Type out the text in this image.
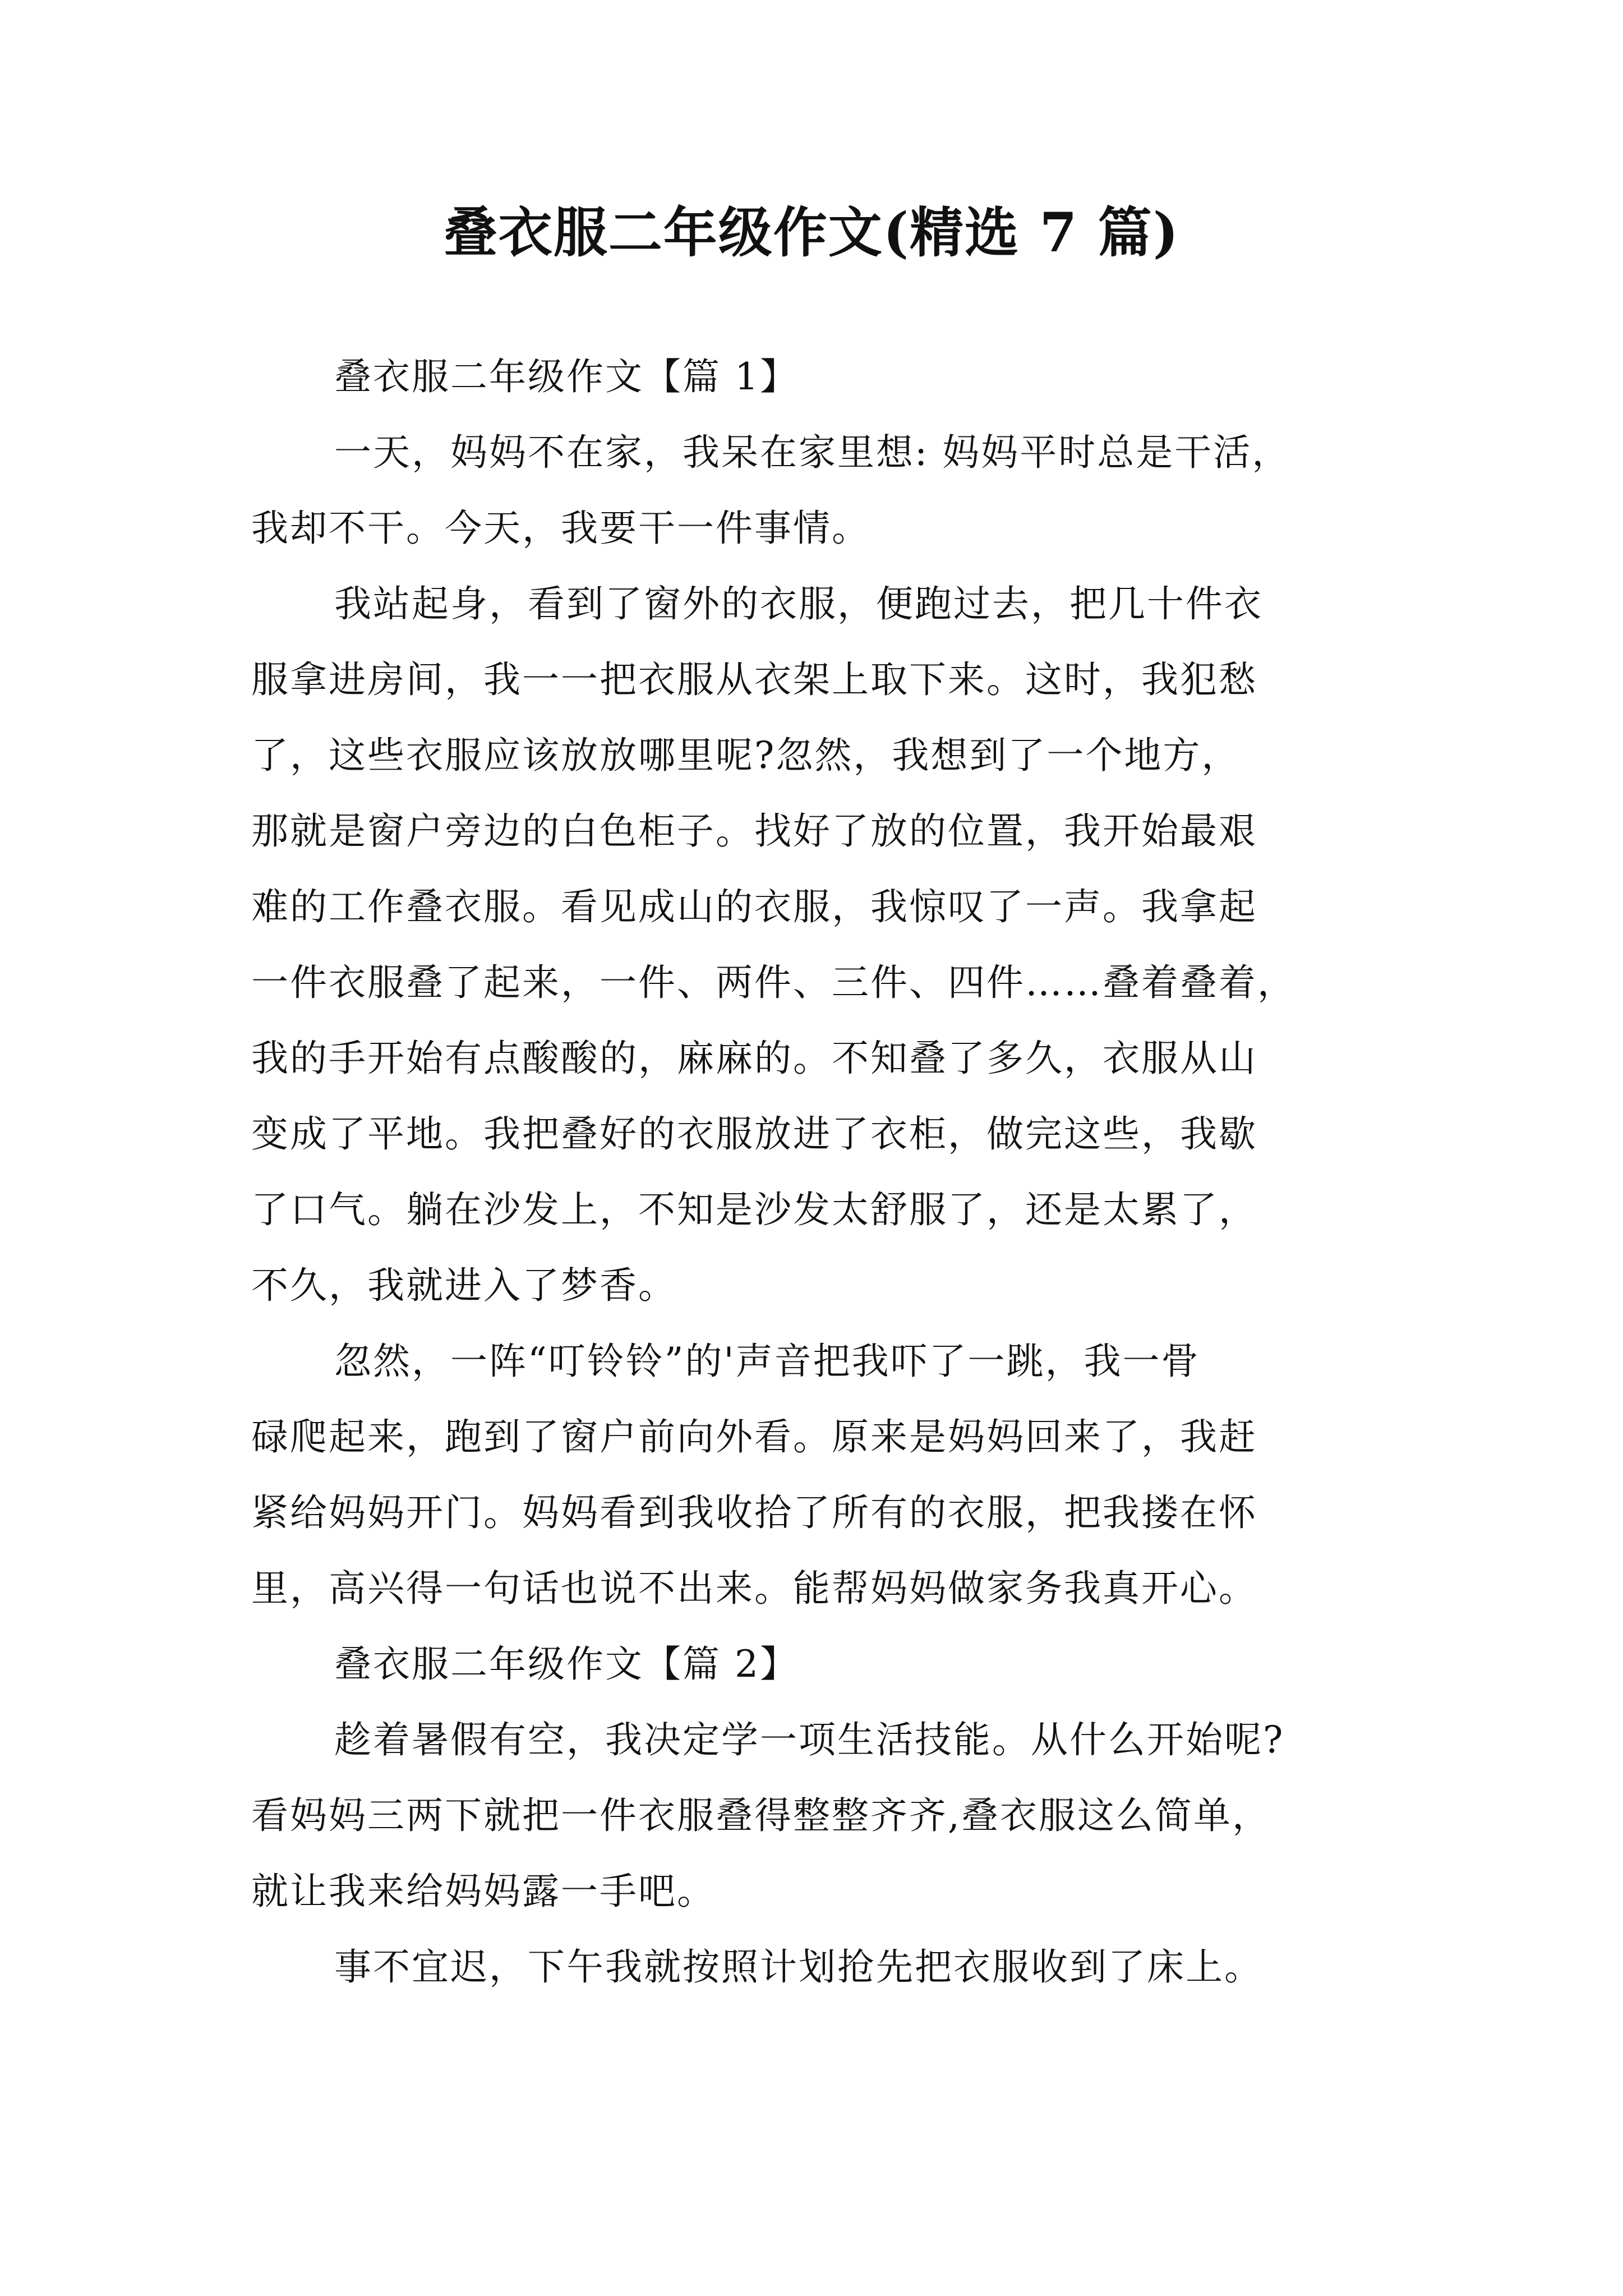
叠衣服二年级作文(精选 7 篇)
叠衣服二年级作文【篇 1】
一天，妈妈不在家，我呆在家里想: 妈妈平时总是干活，
我却不干。今天，我要干一件事情。
我站起身，看到了窗外的衣服，便跑过去，把几十件衣
服拿进房间，我一一把衣服从衣架上取下来。这时，我犯愁
了，这些衣服应该放放哪里呢?忽然，我想到了一个地方，
那就是窗户旁边的白色柜子。找好了放的位置，我开始最艰
难的工作叠衣服。看见成山的衣服，我惊叹了一声。我拿起
一件衣服叠了起来，一件、两件、三件、四件……叠着叠着，
我的手开始有点酸酸的，麻麻的。不知叠了多久，衣服从山
变成了平地。我把叠好的衣服放进了衣柜，做完这些，我歇
了口气。躺在沙发上，不知是沙发太舒服了，还是太累了，
不久，我就进入了梦香。
忽然，一阵“叮铃铃”的'声音把我吓了一跳，我一骨
碌爬起来，跑到了窗户前向外看。原来是妈妈回来了，我赶
紧给妈妈开门。妈妈看到我收拾了所有的衣服，把我搂在怀
里，高兴得一句话也说不出来。能帮妈妈做家务我真开心。
叠衣服二年级作文【篇 2】
趁着暑假有空，我决定学一项生活技能。从什么开始呢?
看妈妈三两下就把一件衣服叠得整整齐齐,叠衣服这么简单，
就让我来给妈妈露一手吧。
事不宜迟，下午我就按照计划抢先把衣服收到了床上。
